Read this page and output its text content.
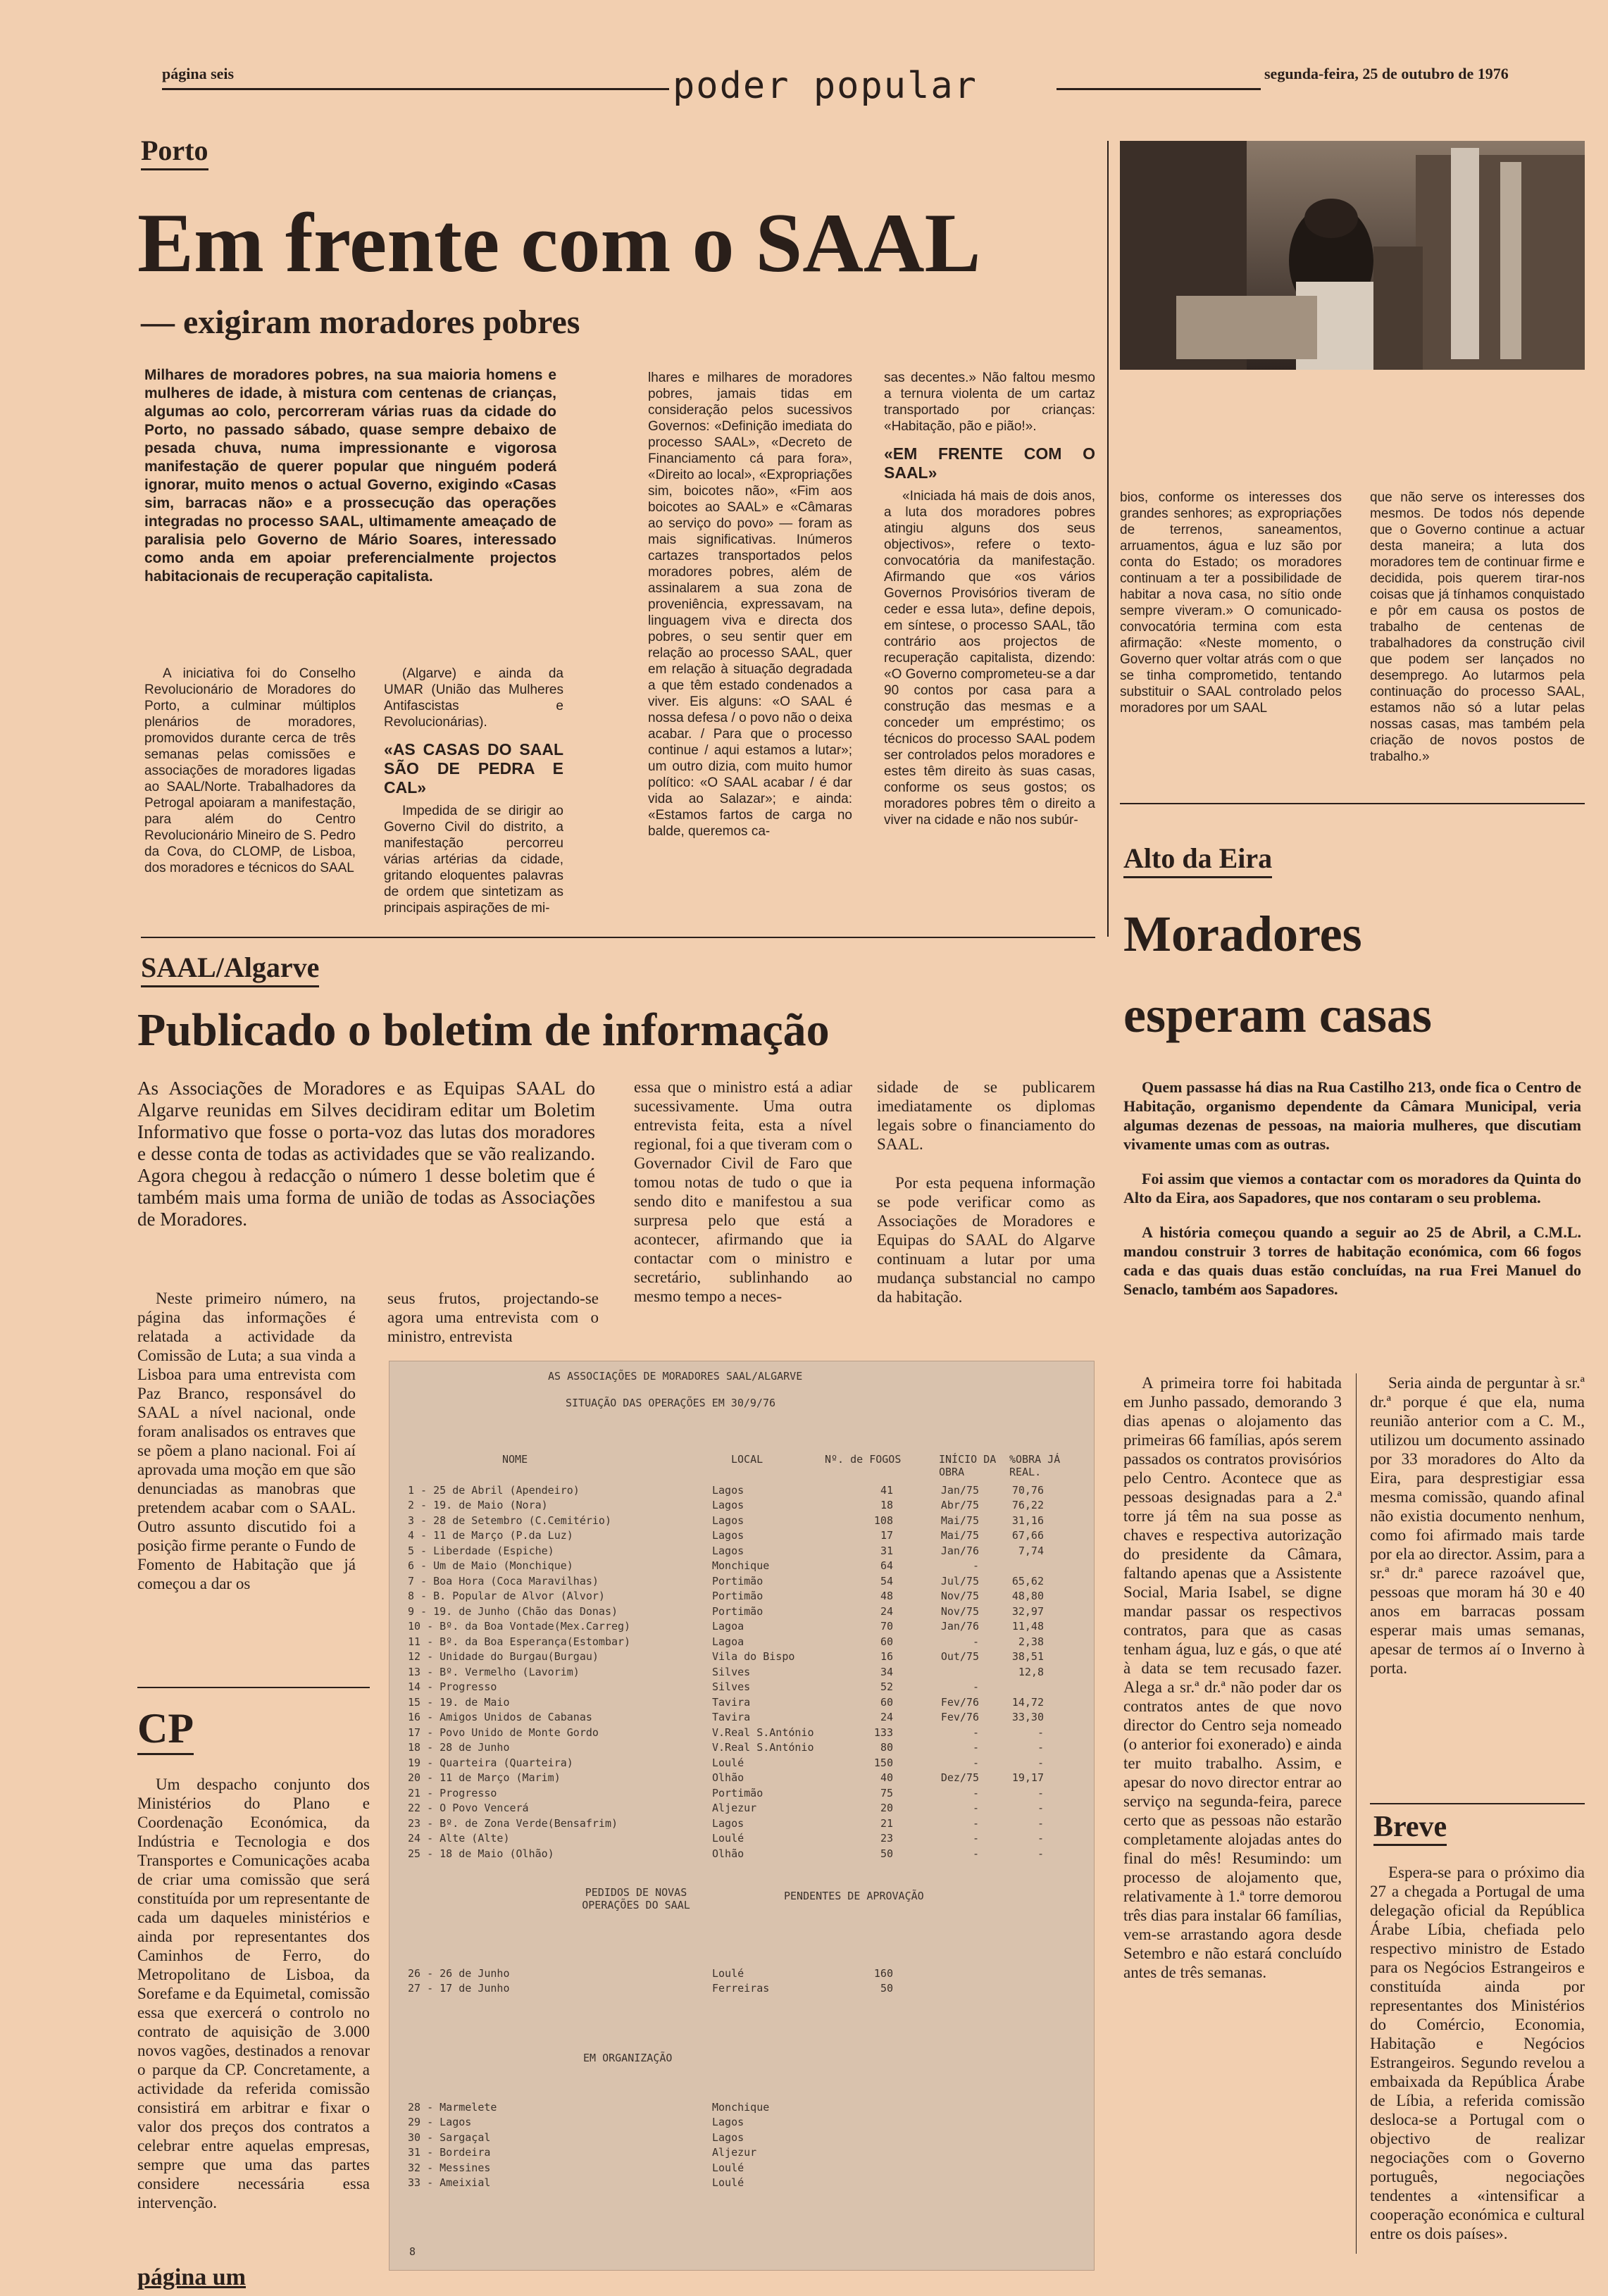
página seis	poder popular	segunda-feira, 25 de outubro de 1976
Porto
Em frente com o SAAL
— exigiram moradores pobres
Milhares de moradores pobres, na sua maioria homens e mulheres de idade, à mistura com centenas de crianças, algumas ao colo, percorreram várias ruas da cidade do Porto, no passado sábado, quase sempre debaixo de pesada chuva, numa impressionante e vigorosa manifestação de querer popular que ninguém poderá ignorar, muito menos o actual Governo, exigindo «Casas sim, barracas não» e a prossecução das operações integradas no processo SAAL, ultimamente ameaçado de paralisia pelo Governo de Mário Soares, interessado como anda em apoiar preferencialmente projectos habitacionais de recuperação capitalista.

A iniciativa foi do Conselho Revolucionário de Moradores do Porto, a culminar múltiplos plenários de moradores, promovidos durante cerca de três semanas pelas comissões e associações de moradores ligadas ao SAAL/Norte. Trabalhadores da Petrogal apoiaram a manifestação, para além do Centro Revolucionário Mineiro de S. Pedro da Cova, do CLOMP, de Lisboa, dos moradores e técnicos do SAAL

(Algarve) e ainda da UMAR (União das Mulheres Antifascistas e Revolucionárias).

«AS CASAS DO SAAL SÃO DE PEDRA E CAL»

Impedida de se dirigir ao Governo Civil do distrito, a manifestação percorreu várias artérias da cidade, gritando eloquentes palavras de ordem que sintetizam as principais aspirações de mi-

lhares e milhares de moradores pobres, jamais tidas em consideração pelos sucessivos Governos: «Definição imediata do processo SAAL», «Decreto de Financiamento cá para fora», «Direito ao local», «Expropriações sim, boicotes não», «Fim aos boicotes ao SAAL» e «Câmaras ao serviço do povo» — foram as mais significativas. Inúmeros cartazes transportados pelos moradores pobres, além de assinalarem a sua zona de proveniência, expressavam, na linguagem viva e directa dos pobres, o seu sentir quer em relação ao processo SAAL, quer em relação à situação degradada a que têm estado condenados a viver. Eis alguns: «O SAAL é nossa defesa / o povo não o deixa acabar. / Para que o processo continue / aqui estamos a lutar»; um outro dizia, com muito humor político: «O SAAL acabar / é dar vida ao Salazar»; e ainda: «Estamos fartos de carga no balde, queremos ca-

sas decentes.» Não faltou mesmo a ternura violenta de um cartaz transportado por crianças: «Habitação, pão e pião!».

«EM FRENTE COM O SAAL»

«Iniciada há mais de dois anos, a luta dos moradores pobres atingiu alguns dos seus objectivos», refere o texto-convocatória da manifestação. Afirmando que «os vários Governos Provisórios tiveram de ceder e essa luta», define depois, em síntese, o processo SAAL, tão contrário aos projectos de recuperação capitalista, dizendo: «O Governo comprometeu-se a dar 90 contos por casa para a construção das mesmas e a conceder um empréstimo; os técnicos do processo SAAL podem ser controlados pelos moradores e estes têm direito às suas casas, conforme os seus gostos; os moradores pobres têm o direito a viver na cidade e não nos subúr-

bios, conforme os interesses dos grandes senhores; as expropriações de terrenos, saneamentos, arruamentos, água e luz são por conta do Estado; os moradores continuam a ter a possibilidade de habitar a nova casa, no sítio onde sempre viveram.» O comunicado-convocatória termina com esta afirmação: «Neste momento, o Governo quer voltar atrás com o que se tinha comprometido, tentando substituir o SAAL controlado pelos moradores por um SAAL

que não serve os interesses dos mesmos. De todos nós depende que o Governo continue a actuar desta maneira; a luta dos moradores tem de continuar firme e decidida, pois querem tirar-nos coisas que já tínhamos conquistado e pôr em causa os postos de trabalho de centenas de trabalhadores da construção civil que podem ser lançados no desemprego. Ao lutarmos pela continuação do processo SAAL, estamos não só a lutar pelas nossas casas, mas também pela criação de novos postos de trabalho.»

SAAL/Algarve
Publicado o boletim de informação
As Associações de Moradores e as Equipas SAAL do Algarve reunidas em Silves decidiram editar um Boletim Informativo que fosse o porta-voz das lutas dos moradores e desse conta de todas as actividades que se vão realizando. Agora chegou à redacção o número 1 desse boletim que é também mais uma forma de união de todas as Associações de Moradores.

essa que o ministro está a adiar sucessivamente. Uma outra entrevista feita, esta a nível regional, foi a que tiveram com o Governador Civil de Faro que tomou notas de tudo o que ia sendo dito e manifestou a sua surpresa pelo que está a acontecer, afirmando que ia contactar com o ministro e secretário, sublinhando ao mesmo tempo a neces-

sidade de se publicarem imediatamente os diplomas legais sobre o financiamento do SAAL.

Por esta pequena informação se pode verificar como as Associações de Moradores e Equipas do SAAL do Algarve continuam a lutar por uma mudança substancial no campo da habitação.

Neste primeiro número, na página das informações é relatada a actividade da Comissão de Luta; a sua vinda a Lisboa para uma entrevista com Paz Branco, responsável do SAAL a nível nacional, onde foram analisados os entraves que se põem a plano nacional. Foi aí aprovada uma moção em que são denunciadas as manobras que pretendem acabar com o SAAL. Outro assunto discutido foi a posição firme perante o Fundo de Fomento de Habitação que já começou a dar os

seus frutos, projectando-se agora uma entrevista com o ministro, entrevista

AS ASSOCIAÇÕES DE MORADORES SAAL/ALGARVE
SITUAÇÃO DAS OPERAÇÕES EM 30/9/76
NOME	LOCAL	Nº. de FOGOS	INÍCIO DA OBRA
%OBRA JÁ REAL.
1 - 25 de Abril (Apendeiro)	Lagos	41	Jan/75	70,76
2 - 19. de Maio (Nora)	Lagos	18	Abr/75	76,22
3 - 28 de Setembro (C.Cemitério)	Lagos	108	Mai/75	31,16
4 - 11 de Março (P.da Luz)	Lagos	17	Mai/75	67,66
5 - Liberdade (Espiche)	Lagos	31	Jan/76	7,74
6 - Um de Maio (Monchique)	Monchique	64	-	
7 - Boa Hora (Coca Maravilhas)	Portimão	54	Jul/75	65,62
8 - B. Popular de Alvor (Alvor)	Portimão	48	Nov/75	48,80
9 - 19. de Junho (Chão das Donas)	Portimão	24	Nov/75	32,97
10 - Bº. da Boa Vontade(Mex.Carreg)	Lagoa	70	Jan/76	11,48
11 - Bº. da Boa Esperança(Estombar)	Lagoa	60	-	2,38
12 - Unidade do Burgau(Burgau)	Vila do Bispo	16	Out/75	38,51
13 - Bº. Vermelho (Lavorim)	Silves	34		12,8
14 - Progresso	Silves	52	-	
15 - 19. de Maio	Tavira	60	Fev/76	14,72
16 - Amigos Unidos de Cabanas	Tavira	24	Fev/76	33,30
17 - Povo Unido de Monte Gordo	V.Real S.António	133	-	-
18 - 28 de Junho	V.Real S.António	80	-	-
19 - Quarteira (Quarteira)	Loulé	150	-	-
20 - 11 de Março (Marim)	Olhão	40	Dez/75	19,17
21 - Progresso	Portimão	75	-	-
22 - O Povo Vencerá	Aljezur	20	-	-
23 - Bº. de Zona Verde(Bensafrim)	Lagos	21	-	-
24 - Alte (Alte)	Loulé	23	-	-
25 - 18 de Maio (Olhão)	Olhão	50	-	-
PEDIDOS DE NOVAS OPERAÇÕES DO SAAL
PENDENTES DE APROVAÇÃO
26 - 26 de Junho	Loulé	160
27 - 17 de Junho	Ferreiras	50
EM ORGANIZAÇÃO
28 - Marmelete	Monchique
29 - Lagos	Lagos
30 - Sargaçal	Lagos
31 - Bordeira	Aljezur
32 - Messines	Loulé
33 - Ameixial	Loulé
8
CP

Um despacho conjunto dos Ministérios do Plano e Coordenação Económica, da Indústria e Tecnologia e dos Transportes e Comunicações acaba de criar uma comissão que será constituída por um representante de cada um daqueles ministérios e ainda por representantes dos Caminhos de Ferro, do Metropolitano de Lisboa, da Sorefame e da Equimetal, comissão essa que exercerá o controlo no contrato de aquisição de 3.000 novos vagões, destinados a renovar o parque da CP. Concretamente, a actividade da referida comissão consistirá em arbitrar e fixar o valor dos preços dos contratos a celebrar entre aquelas empresas, sempre que uma das partes considere necessária essa intervenção.

página um
Alto da Eira
Moradores
esperam casas

Quem passasse há dias na Rua Castilho 213, onde fica o Centro de Habitação, organismo dependente da Câmara Municipal, veria algumas dezenas de pessoas, na maioria mulheres, que discutiam vivamente umas com as outras.

Foi assim que viemos a contactar com os moradores da Quinta do Alto da Eira, aos Sapadores, que nos contaram o seu problema.

A história começou quando a seguir ao 25 de Abril, a C.M.L. mandou construir 3 torres de habitação económica, com 66 fogos cada e das quais duas estão concluídas, na rua Frei Manuel do Senaclo, também aos Sapadores.

A primeira torre foi habitada em Junho passado, demorando 3 dias apenas o alojamento das primeiras 66 famílias, após serem passados os contratos provisórios pelo Centro. Acontece que as pessoas designadas para a 2.ª torre já têm na sua posse as chaves e respectiva autorização do presidente da Câmara, faltando apenas que a Assistente Social, Maria Isabel, se digne mandar passar os respectivos contratos, para que as casas tenham água, luz e gás, o que até à data se tem recusado fazer. Alega a sr.ª dr.ª não poder dar os contratos antes de que novo director do Centro seja nomeado (o anterior foi exonerado) e ainda ter muito trabalho. Assim, e apesar do novo director entrar ao serviço na segunda-feira, parece certo que as pessoas não estarão completamente alojadas antes do final do mês! Resumindo: um processo de alojamento que, relativamente à 1.ª torre demorou três dias para instalar 66 famílias, vem-se arrastando agora desde Setembro e não estará concluído antes de três semanas.

Seria ainda de perguntar à sr.ª dr.ª porque é que ela, numa reunião anterior com a C. M., utilizou um documento assinado por 33 moradores do Alto da Eira, para desprestigiar essa mesma comissão, quando afinal não existia documento nenhum, como foi afirmado mais tarde por ela ao director. Assim, para a sr.ª dr.ª parece razoável que, pessoas que moram há 30 e 40 anos em barracas possam esperar mais umas semanas, apesar de termos aí o Inverno à porta.

Breve

Espera-se para o próximo dia 27 a chegada a Portugal de uma delegação oficial da República Árabe Líbia, chefiada pelo respectivo ministro de Estado para os Negócios Estrangeiros e constituída ainda por representantes dos Ministérios do Comércio, Economia, Habitação e Negócios Estrangeiros. Segundo revelou a embaixada da República Árabe de Líbia, a referida comissão desloca-se a Portugal com o objectivo de realizar negociações com o Governo português, negociações tendentes a «intensificar a cooperação económica e cultural entre os dois países».
